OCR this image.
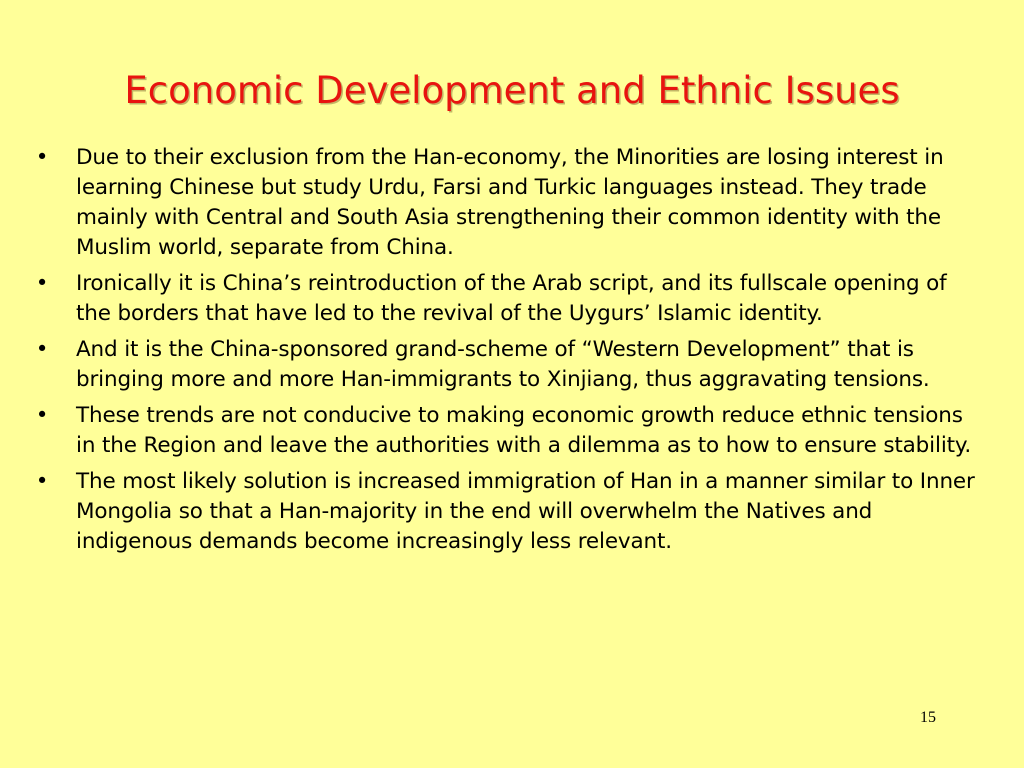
Economic Development and Ethnic Issues
• Due to their exclusion from the Han-economy, the Minorities are losing interest in learning Chinese but study Urdu, Farsi and Turkic languages instead. They trade mainly with Central and South Asia strengthening their common identity with the Muslim world, separate from China.
• Ironically it is China’s reintroduction of the Arab script, and its fullscale opening of the borders that have led to the revival of the Uygurs’ Islamic identity.
• And it is the China-sponsored grand-scheme of “Western Development” that is bringing more and more Han-immigrants to Xinjiang, thus aggravating tensions.
• These trends are not conducive to making economic growth reduce ethnic tensions in the Region and leave the authorities with a dilemma as to how to ensure stability.
• The most likely solution is increased immigration of Han in a manner similar to Inner Mongolia so that a Han-majority in the end will overwhelm the Natives and indigenous demands become increasingly less relevant.
15
